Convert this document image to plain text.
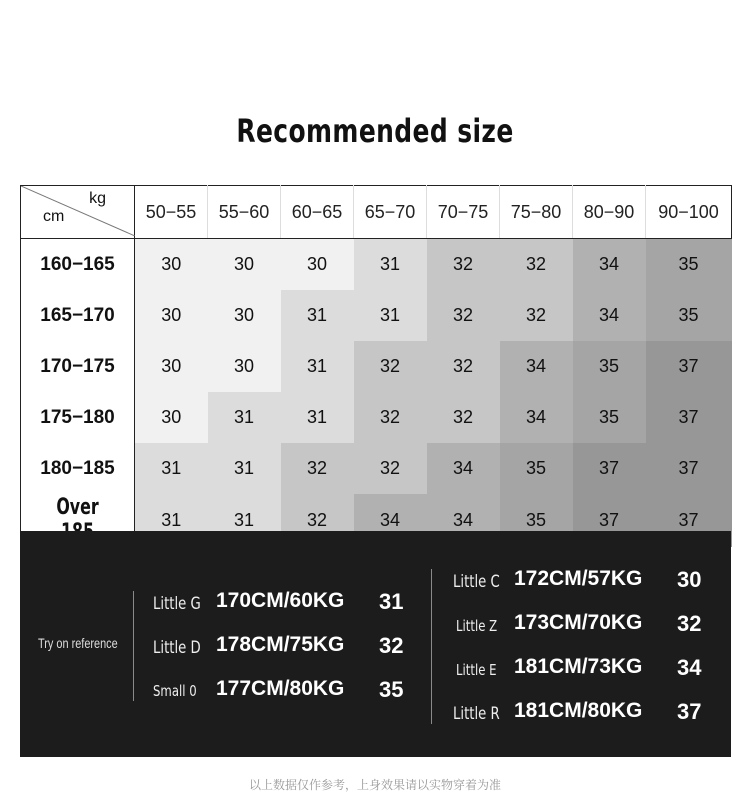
Recommended size
kg
cm	50−55	55−60	60−65	65−70	70−75	75−80	80−90	90−100
160−165	30	30	30	31	32	32	34	35
165−170	30	30	31	31	32	32	34	35
170−175	30	30	31	32	32	34	35	37
175−180	30	31	31	32	32	34	35	37
180−185	31	31	32	32	34	35	37	37
Over	31	31	32	34	34	35	37	37
Try on reference
Little G 170CM/60KG 31
Little D 178CM/75KG 32
Small 0 177CM/80KG 35
Little C 172CM/57KG 30
Little Z 173CM/70KG 32
Little E 181CM/73KG 34
Little R 181CM/80KG 37
以上数据仅作参考，上身效果请以实物穿着为准
